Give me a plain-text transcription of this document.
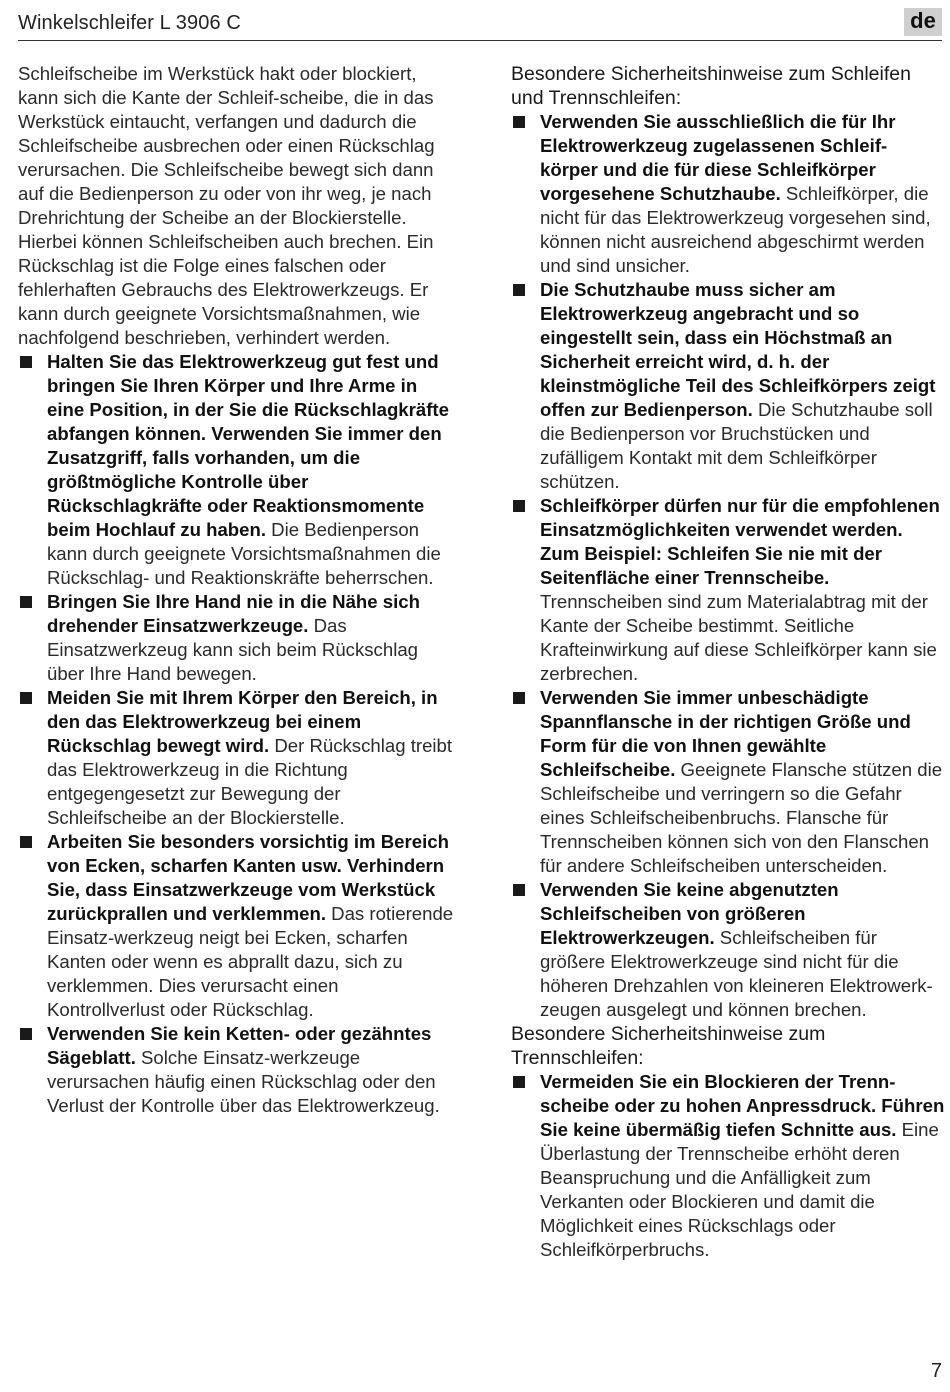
Winkelschleifer L 3906 C	de

Schleifscheibe im Werkstück hakt oder blockiert, kann sich die Kante der Schleif-scheibe, die in das Werkstück eintaucht, verfangen und dadurch die Schleifscheibe ausbrechen oder einen Rückschlag verursachen. Die Schleifscheibe bewegt sich dann auf die Bedienperson zu oder von ihr weg, je nach Drehrichtung der Scheibe an der Blockierstelle. Hierbei können Schleifscheiben auch brechen. Ein Rückschlag ist die Folge eines falschen oder fehlerhaften Gebrauchs des Elektrowerkzeugs. Er kann durch geeignete Vorsichtsmaßnahmen, wie nachfolgend beschrieben, verhindert werden.

Halten Sie das Elektrowerkzeug gut fest und bringen Sie Ihren Körper und Ihre Arme in eine Position, in der Sie die Rückschlagkräfte abfangen können. Verwenden Sie immer den Zusatzgriff, falls vorhanden, um die größtmögliche Kontrolle über Rückschlagkräfte oder Reaktionsmomente beim Hochlauf zu haben. Die Bedienperson kann durch geeignete Vorsichtsmaßnahmen die Rückschlag- und Reaktionskräfte beherrschen.
Bringen Sie Ihre Hand nie in die Nähe sich drehender Einsatzwerkzeuge. Das Einsatzwerkzeug kann sich beim Rückschlag über Ihre Hand bewegen.
Meiden Sie mit Ihrem Körper den Bereich, in den das Elektrowerkzeug bei einem Rückschlag bewegt wird. Der Rückschlag treibt das Elektrowerkzeug in die Richtung entgegengesetzt zur Bewegung der Schleifscheibe an der Blockierstelle.
Arbeiten Sie besonders vorsichtig im Bereich von Ecken, scharfen Kanten usw. Verhindern Sie, dass Einsatzwerkzeuge vom Werkstück zurückprallen und verklemmen. Das rotierende Einsatz-werkzeug neigt bei Ecken, scharfen Kanten oder wenn es abprallt dazu, sich zu verklemmen. Dies verursacht einen Kontrollverlust oder Rückschlag.
Verwenden Sie kein Ketten- oder gezähntes Sägeblatt. Solche Einsatz-werkzeuge verursachen häufig einen Rückschlag oder den Verlust der Kontrolle über das Elektrowerkzeug.

Besondere Sicherheitshinweise zum Schleifen und Trennschleifen:

Verwenden Sie ausschließlich die für Ihr Elektrowerkzeug zugelassenen Schleif-körper und die für diese Schleifkörper vorgesehene Schutzhaube. Schleifkörper, die nicht für das Elektrowerkzeug vorgesehen sind, können nicht ausreichend abgeschirmt werden und sind unsicher.
Die Schutzhaube muss sicher am Elektrowerkzeug angebracht und so eingestellt sein, dass ein Höchstmaß an Sicherheit erreicht wird, d. h. der kleinstmögliche Teil des Schleifkörpers zeigt offen zur Bedienperson. Die Schutzhaube soll die Bedienperson vor Bruchstücken und zufälligem Kontakt mit dem Schleifkörper schützen.
Schleifkörper dürfen nur für die empfohlenen Einsatzmöglichkeiten verwendet werden. Zum Beispiel: Schleifen Sie nie mit der Seitenfläche einer Trennscheibe. Trennscheiben sind zum Materialabtrag mit der Kante der Scheibe bestimmt. Seitliche Krafteinwirkung auf diese Schleifkörper kann sie zerbrechen.
Verwenden Sie immer unbeschädigte Spannflansche in der richtigen Größe und Form für die von Ihnen gewählte Schleifscheibe. Geeignete Flansche stützen die Schleifscheibe und verringern so die Gefahr eines Schleifscheibenbruchs. Flansche für Trennscheiben können sich von den Flanschen für andere Schleifscheiben unterscheiden.
Verwenden Sie keine abgenutzten Schleifscheiben von größeren Elektrowerkzeugen. Schleifscheiben für größere Elektrowerkzeuge sind nicht für die höheren Drehzahlen von kleineren Elektrowerk-zeugen ausgelegt und können brechen.

Besondere Sicherheitshinweise zum Trennschleifen:

Vermeiden Sie ein Blockieren der Trenn-scheibe oder zu hohen Anpressdruck. Führen Sie keine übermäßig tiefen Schnitte aus. Eine Überlastung der Trennscheibe erhöht deren Beanspruchung und die Anfälligkeit zum Verkanten oder Blockieren und damit die Möglichkeit eines Rückschlags oder Schleifkörperbruchs.
7
